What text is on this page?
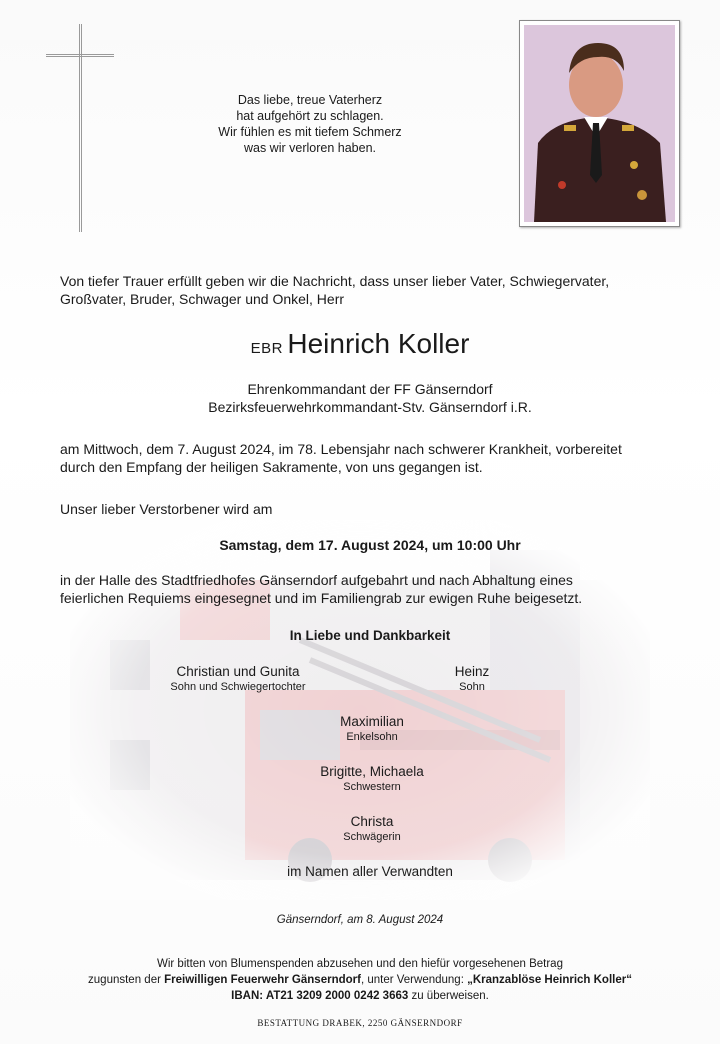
Das liebe, treue Vaterherz
hat aufgehört zu schlagen.
Wir fühlen es mit tiefem Schmerz
was wir verloren haben.
Von tiefer Trauer erfüllt geben wir die Nachricht, dass unser lieber Vater, Schwiegervater,
Großvater, Bruder, Schwager und Onkel, Herr
EBR Heinrich Koller
Ehrenkommandant der FF Gänserndorf
Bezirksfeuerwehrkommandant-Stv. Gänserndorf i.R.
am Mittwoch, dem 7. August 2024, im 78. Lebensjahr nach schwerer Krankheit, vorbereitet
durch den Empfang der heiligen Sakramente, von uns gegangen ist.
Unser lieber Verstorbener wird am
Samstag, dem 17. August 2024, um 10:00 Uhr
in der Halle des Stadtfriedhofes Gänserndorf aufgebahrt und nach Abhaltung eines
feierlichen Requiems eingesegnet und im Familiengrab zur ewigen Ruhe beigesetzt.
In Liebe und Dankbarkeit
Christian und Gunita
Sohn und Schwiegertochter
Heinz
Sohn
Maximilian
Enkelsohn
Brigitte, Michaela
Schwestern
Christa
Schwägerin
im Namen aller Verwandten
Gänserndorf, am 8. August 2024
Wir bitten von Blumenspenden abzusehen und den hiefür vorgesehenen Betrag
zugunsten der Freiwilligen Feuerwehr Gänserndorf, unter Verwendung: „Kranzablöse Heinrich Koller“
IBAN: AT21 3209 2000 0242 3663 zu überweisen.
BESTATTUNG DRABEK, 2250 GÄNSERNDORF
